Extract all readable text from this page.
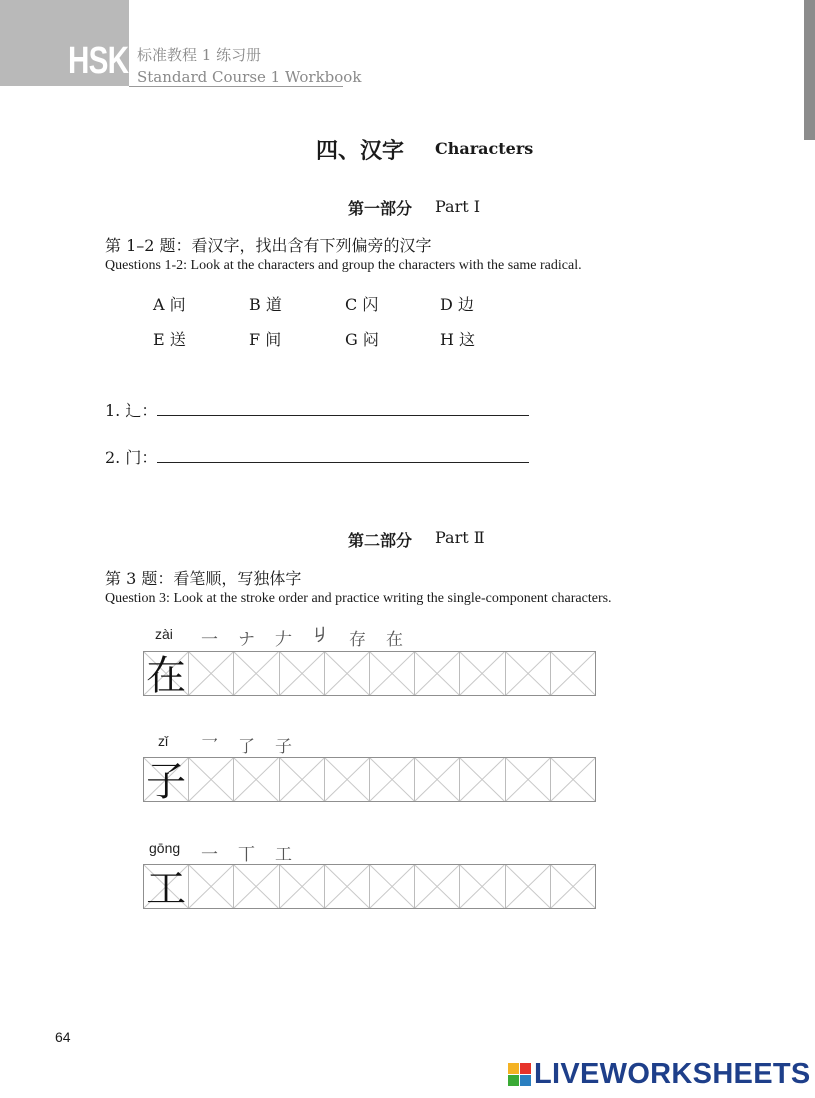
HSK 标准教程 1 练习册
Standard Course 1 Workbook
四、汉字 Characters
第一部分 Part Ⅰ
第 1–2 题：看汉字，找出含有下列偏旁的汉字
Questions 1-2: Look at the characters and group the characters with the same radical.
A 问	B 道	C 闪	D 边
E 送	F 间	G 闷	H 这
1. 辶：
2. 门：
第二部分 Part Ⅱ
第 3 题：看笔顺，写独体字
Question 3: Look at the stroke order and practice writing the single-component characters.
zài 一 ナ 𠂇 𠂈 存 在
在
zǐ 乛 了 子
子
gōng 一 丅 工
工
64
LIVEWORKSHEETS
